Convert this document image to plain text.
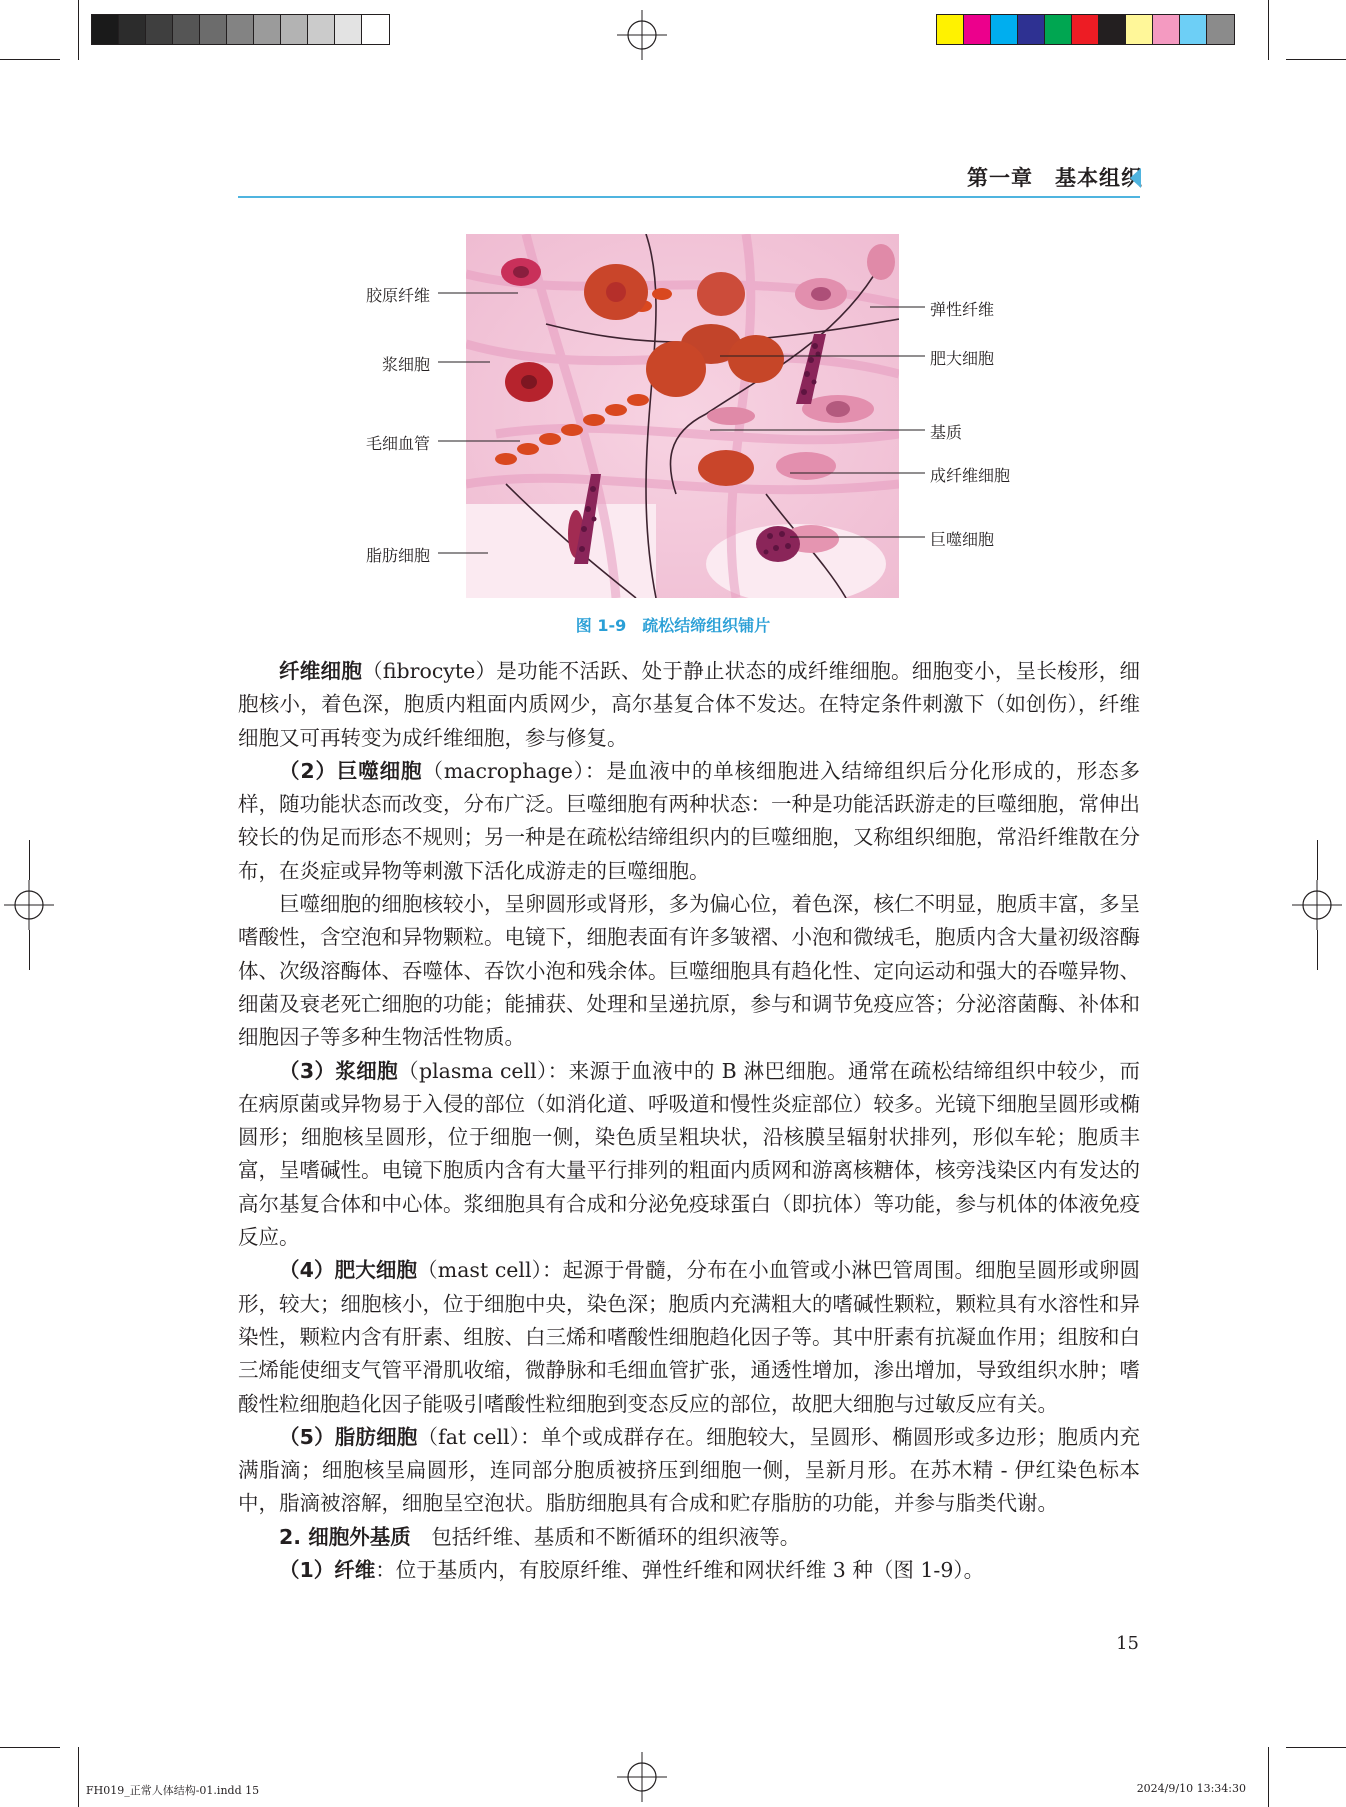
第一章　基本组织
胶原纤维
浆细胞
毛细血管
脂肪细胞
弹性纤维
肥大细胞
基质
成纤维细胞
巨噬细胞
图 1-9　疏松结缔组织铺片

纤维细胞（fibrocyte）是功能不活跃、处于静止状态的成纤维细胞。细胞变小，呈长梭形，细胞核小，着色深，胞质内粗面内质网少，高尔基复合体不发达。在特定条件刺激下（如创伤），纤维细胞又可再转变为成纤维细胞，参与修复。

（2）巨噬细胞（macrophage）：是血液中的单核细胞进入结缔组织后分化形成的，形态多样，随功能状态而改变，分布广泛。巨噬细胞有两种状态：一种是功能活跃游走的巨噬细胞，常伸出较长的伪足而形态不规则；另一种是在疏松结缔组织内的巨噬细胞，又称组织细胞，常沿纤维散在分布，在炎症或异物等刺激下活化成游走的巨噬细胞。

巨噬细胞的细胞核较小，呈卵圆形或肾形，多为偏心位，着色深，核仁不明显，胞质丰富，多呈嗜酸性，含空泡和异物颗粒。电镜下，细胞表面有许多皱褶、小泡和微绒毛，胞质内含大量初级溶酶体、次级溶酶体、吞噬体、吞饮小泡和残余体。巨噬细胞具有趋化性、定向运动和强大的吞噬异物、细菌及衰老死亡细胞的功能；能捕获、处理和呈递抗原，参与和调节免疫应答；分泌溶菌酶、补体和细胞因子等多种生物活性物质。

（3）浆细胞（plasma cell）：来源于血液中的 B 淋巴细胞。通常在疏松结缔组织中较少，而在病原菌或异物易于入侵的部位（如消化道、呼吸道和慢性炎症部位）较多。光镜下细胞呈圆形或椭圆形；细胞核呈圆形，位于细胞一侧，染色质呈粗块状，沿核膜呈辐射状排列，形似车轮；胞质丰富，呈嗜碱性。电镜下胞质内含有大量平行排列的粗面内质网和游离核糖体，核旁浅染区内有发达的高尔基复合体和中心体。浆细胞具有合成和分泌免疫球蛋白（即抗体）等功能，参与机体的体液免疫反应。

（4）肥大细胞（mast cell）：起源于骨髓，分布在小血管或小淋巴管周围。细胞呈圆形或卵圆形，较大；细胞核小，位于细胞中央，染色深；胞质内充满粗大的嗜碱性颗粒，颗粒具有水溶性和异染性，颗粒内含有肝素、组胺、白三烯和嗜酸性细胞趋化因子等。其中肝素有抗凝血作用；组胺和白三烯能使细支气管平滑肌收缩，微静脉和毛细血管扩张，通透性增加，渗出增加，导致组织水肿；嗜酸性粒细胞趋化因子能吸引嗜酸性粒细胞到变态反应的部位，故肥大细胞与过敏反应有关。

（5）脂肪细胞（fat cell）：单个或成群存在。细胞较大，呈圆形、椭圆形或多边形；胞质内充满脂滴；细胞核呈扁圆形，连同部分胞质被挤压到细胞一侧，呈新月形。在苏木精 - 伊红染色标本中，脂滴被溶解，细胞呈空泡状。脂肪细胞具有合成和贮存脂肪的功能，并参与脂类代谢。

2. 细胞外基质　包括纤维、基质和不断循环的组织液等。

（1）纤维：位于基质内，有胶原纤维、弹性纤维和网状纤维 3 种（图 1-9）。

15
FH019_正常人体结构-01.indd 15	2024/9/10 13:34:30
